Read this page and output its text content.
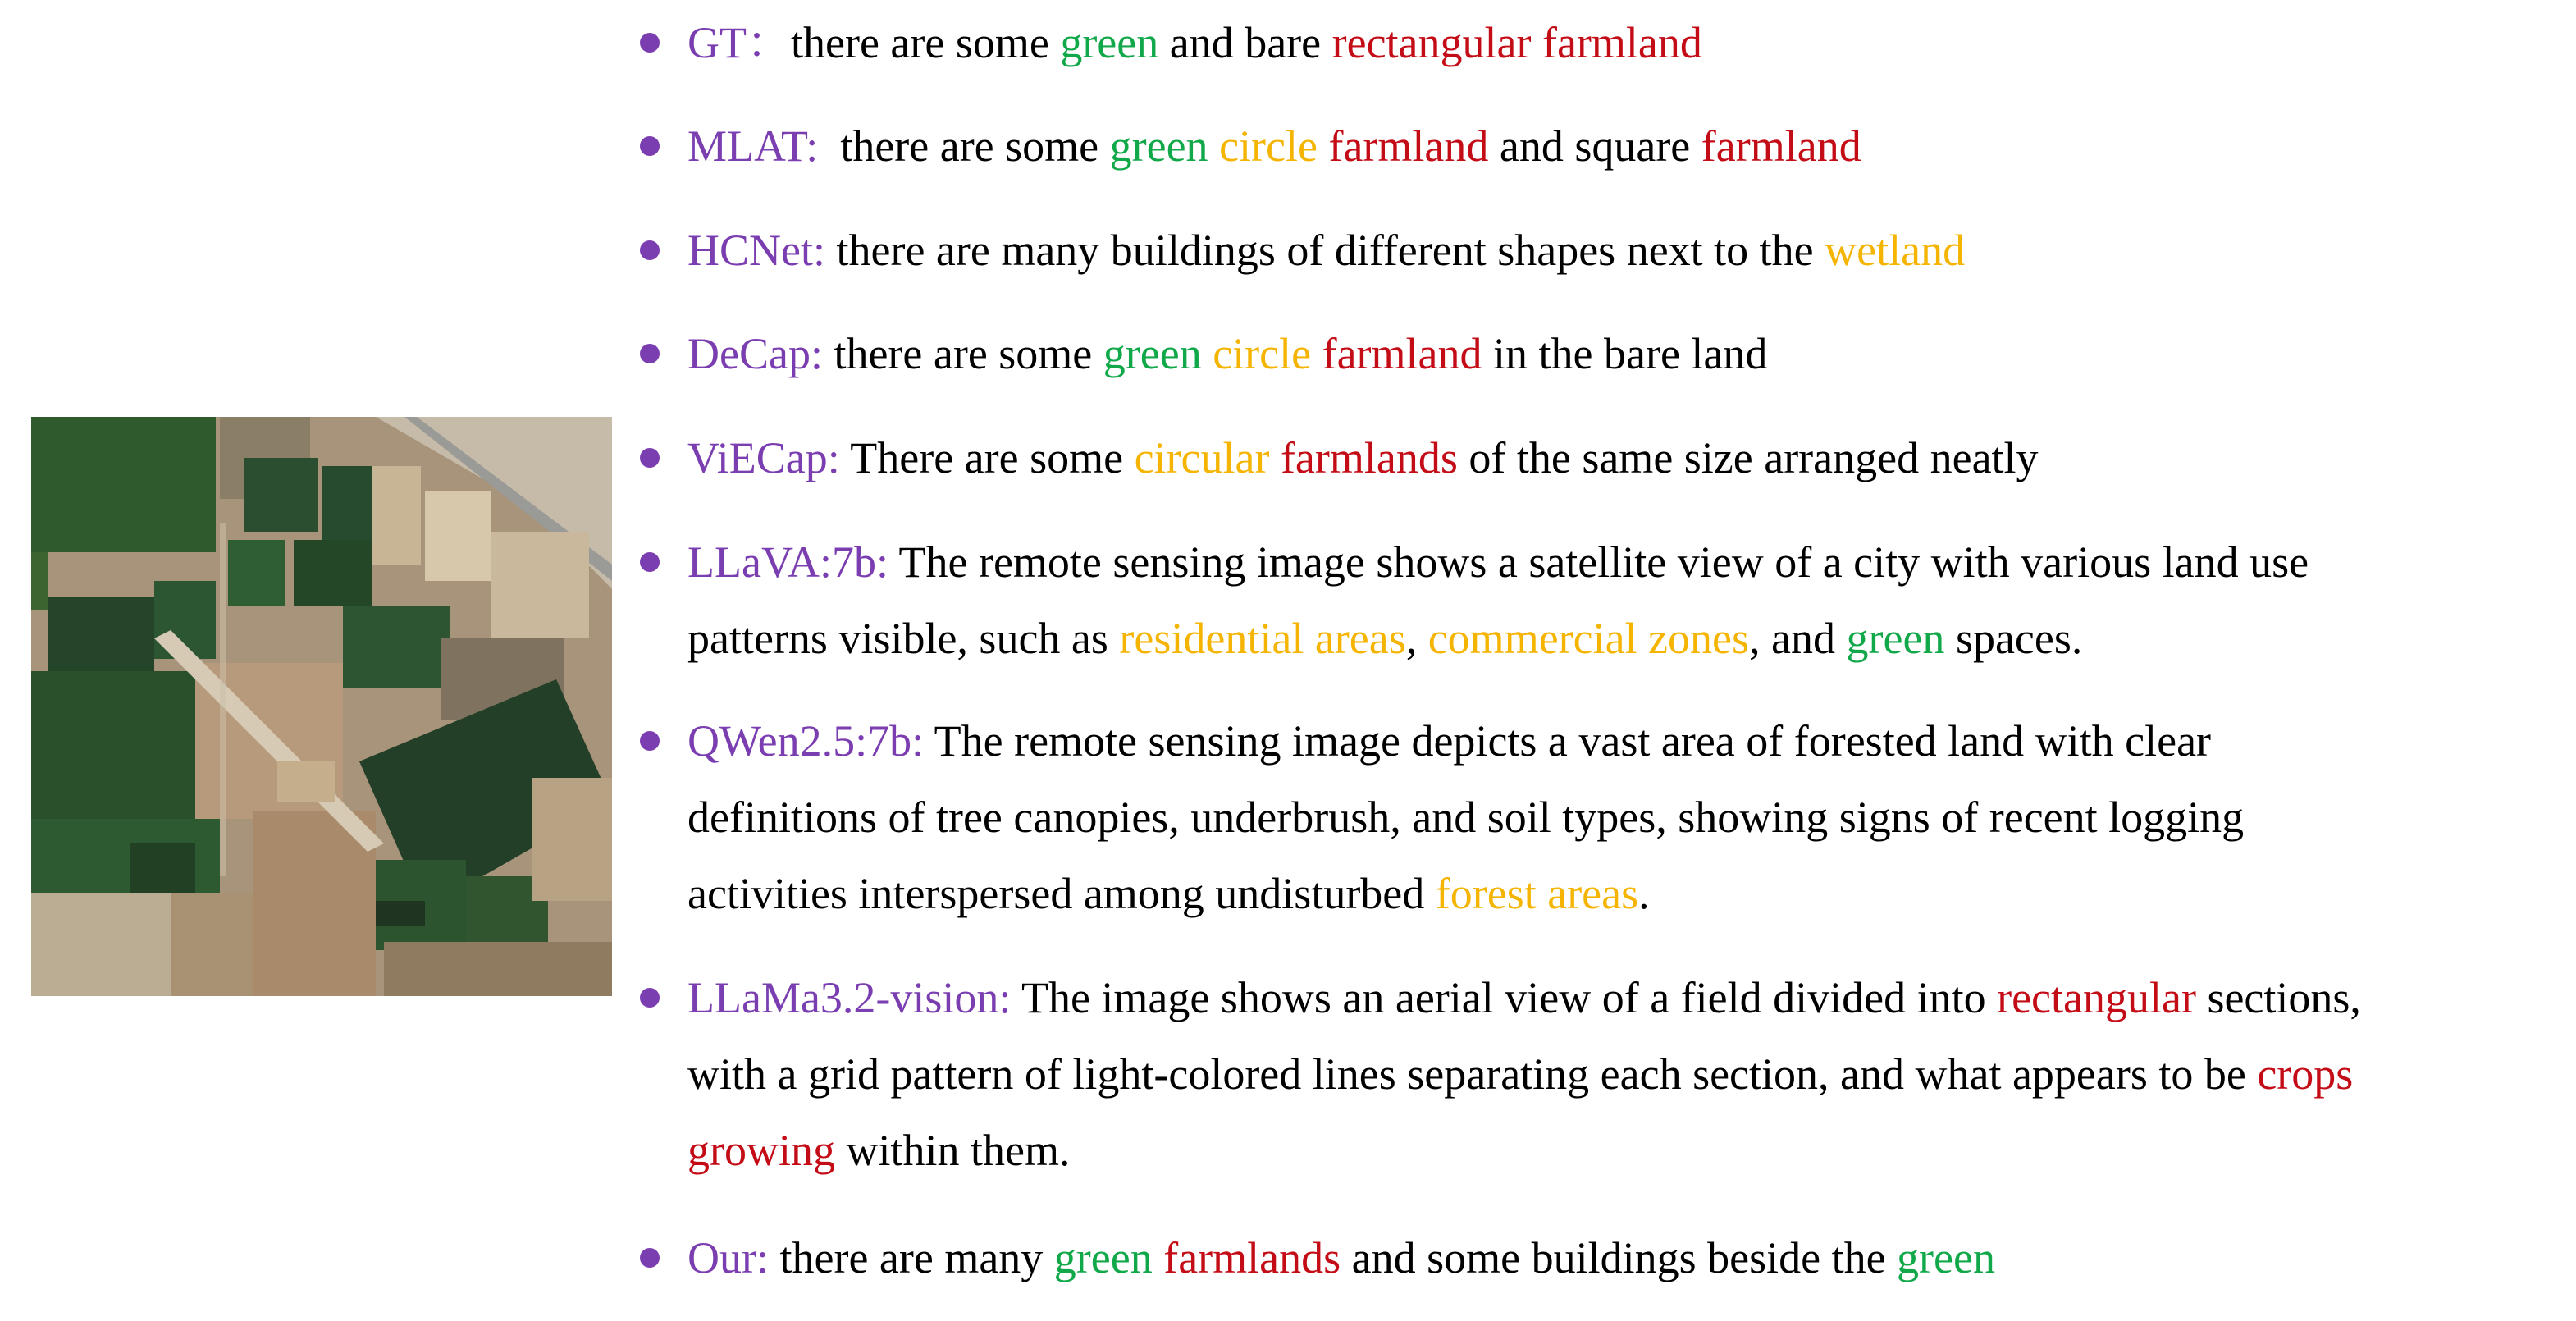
GT：there are some green and bare rectangular farmland
MLAT:  there are some green circle farmland and square farmland
HCNet: there are many buildings of different shapes next to the wetland
DeCap: there are some green circle farmland in the bare land
ViECap: There are some circular farmlands of the same size arranged neatly
LLaVA:7b: The remote sensing image shows a satellite view of a city with various land use
patterns visible, such as residential areas, commercial zones, and green spaces.
QWen2.5:7b: The remote sensing image depicts a vast area of forested land with clear
definitions of tree canopies, underbrush, and soil types, showing signs of recent logging
activities interspersed among undisturbed forest areas.
LLaMa3.2-vision: The image shows an aerial view of a field divided into rectangular sections,
with a grid pattern of light-colored lines separating each section, and what appears to be crops
growing within them.
Our: there are many green farmlands and some buildings beside the green
